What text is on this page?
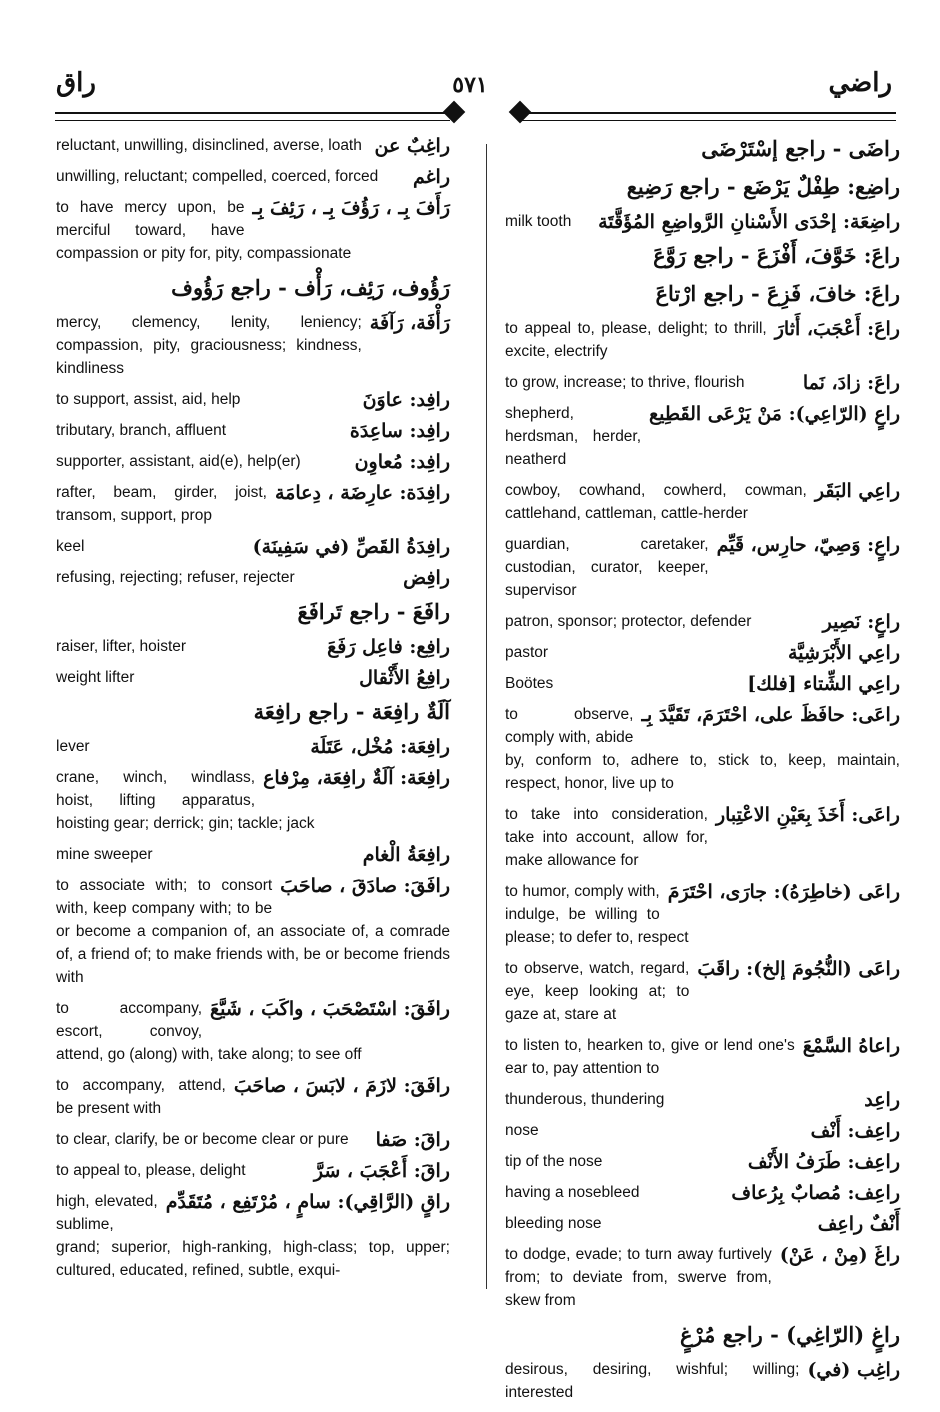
راضي
٥٧١
راق
راغِبٌ عن
reluctant, unwilling, disinclined, averse, loath
راغم
unwilling, reluctant; compelled, coerced, forced
رَأَفَ بِـ ، رَؤُفَ بِـ ، رَئِفَ بِـ
to have mercy upon, be merciful toward, have compassion or pity for, pity, compassionate
رَؤُوف، رَئِف، رَأْف - راجع رَؤُوف
رَأْفَة، رَآفَة
mercy, clemency, lenity, leniency; compassion, pity, graciousness; kindness, kindliness
رافِد: عاوَنَ
to support, assist, aid, help
رافِد: ساعِدَة
tributary, branch, affluent
رافِد: مُعاوِن
supporter, assistant, aid(e), help(er)
رافِدَة: عارِضَة ، دِعامَة
rafter, beam, girder, joist, transom, support, prop
رافِدَةُ القَصِّ (في سَفِينَة)
keel
رافِض
refusing, rejecting; refuser, rejecter
رافَعَ - راجع تَرافَعَ
رافِع: فاعِل رَفَعَ
raiser, lifter, hoister
رافِعُ الأَثْقال
weight lifter
آلَةٌ رافِعَة - راجع رافِعَة
رافِعَة: مُخْل، عَتَلَة
lever
رافِعَة: آلَةٌ رافِعَة، مِرْفاع
crane, winch, windlass, hoist, lifting apparatus, hoisting gear; derrick; gin; tackle; jack
رافِعَةُ الْغام
mine sweeper
رافَقَ: صادَقَ ، صاحَبَ
to associate with; to consort with, keep company with; to be or become a companion of, an associate of, a comrade of, a friend of; to make friends with, be or become friends with
رافَقَ: اسْتَصْحَبَ ، واكَبَ ، شَيَّعَ
to accompany, escort, convoy, attend, go (along) with, take along; to see off
رافَقَ: لازَمَ ، لابَسَ ، صاحَبَ
to accompany, attend, be present with
راقَ: صَفا
to clear, clarify, be or become clear or pure
راقَ: أَعْجَبَ ، سَرَّ
to appeal to, please, delight
راقٍ (الرَّاقِي): سامٍ ، مُرْتَفِع ، مُتَقَدِّم
high, elevated, sublime, grand; superior, high-ranking, high-class; top, upper; cultured, educated, refined, subtle, exqui-
راضَى - راجع إسْتَرْضَى
راضِع: طِفْلٌ يَرْضَع - راجع رَضِيع
راضِعَة: إحْدَى الأَسْنانِ الرَّواضِعِ المُؤَقَّتَة
milk tooth
راعَ: خَوَّفَ، أَفْزَعَ - راجع رَوَّعَ
راعَ: خافَ، فَزِعَ - راجع ارْتاعَ
راعَ: أَعْجَبَ، أَثارَ
to appeal to, please, delight; to thrill, excite, electrify
راعَ: زادَ، نَما
to grow, increase; to thrive, flourish
راعٍ (الرّاعِي): مَنْ يَرْعَى القَطِيع
shepherd, herdsman, herder, neatherd
راعِي البَقَر
cowboy, cowhand, cowherd, cowman, cattlehand, cattleman, cattle-herder
راعٍ: وَصِيّ، حارِس، قَيِّم
guardian, caretaker, custodian, curator, keeper, supervisor
راعٍ: نَصِير
patron, sponsor; protector, defender
راعِي الأَبْرَشِيَّة
pastor
راعِي الشِّتاء [فلك]
Boötes
راعَى: حافَظَ على، احْتَرَمَ، تَقَيَّدَ بِـ
to observe, comply with, abide by, conform to, adhere to, stick to, keep, maintain, respect, honor, live up to
راعَى: أَخَذَ بِعَيْنِ الاعْتِبار
to take into consideration, take into account, allow for, make allowance for
راعَى (خاطِرَهُ): جارَى، احْتَرَمَ
to humor, comply with, indulge, be willing to please; to defer to, respect
راعَى (النُّجُومَ إلخ): راقَبَ
to observe, watch, regard, eye, keep looking at; to gaze at, stare at
راعاهُ السَّمْعَ
to listen to, hearken to, give or lend one's ear to, pay attention to
راعِد
thunderous, thundering
راعِف: أَنْف
nose
راعِف: طَرَفُ الأَنْف
tip of the nose
راعِف: مُصابٌ بِرُعاف
having a nosebleed
أَنْفٌ راعِف
bleeding nose
راغَ (مِنْ ، عَنْ)
to dodge, evade; to turn away furtively from; to deviate from, swerve from, skew from
راغٍ (الرّاغِي) - راجع مُرْغٍ
راغِب (في)
desirous, desiring, wishful; willing; interested
